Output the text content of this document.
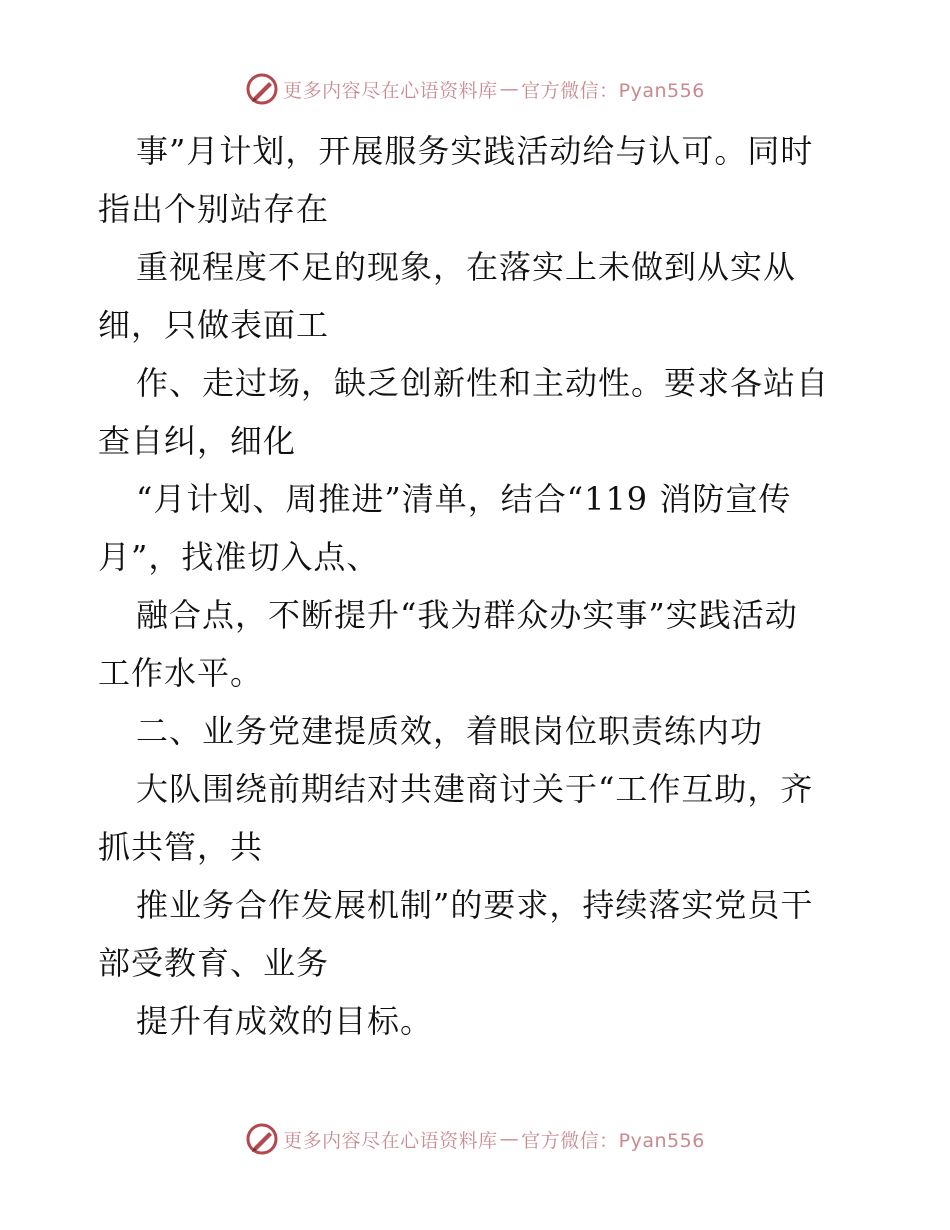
更多内容尽在心语资料库 — 官方微信：Pyan556
事”月计划，开展服务实践活动给与认可。同时
指出个别站存在
重视程度不足的现象，在落实上未做到从实从
细，只做表面工
作、走过场，缺乏创新性和主动性。要求各站自
查自纠，细化
“月计划、周推进”清单，结合“119 消防宣传
月”，找准切入点、
融合点，不断提升“我为群众办实事”实践活动
工作水平。
二、业务党建提质效，着眼岗位职责练内功
大队围绕前期结对共建商讨关于“工作互助，齐
抓共管，共
推业务合作发展机制”的要求，持续落实党员干
部受教育、业务
提升有成效的目标。
更多内容尽在心语资料库 — 官方微信：Pyan556
